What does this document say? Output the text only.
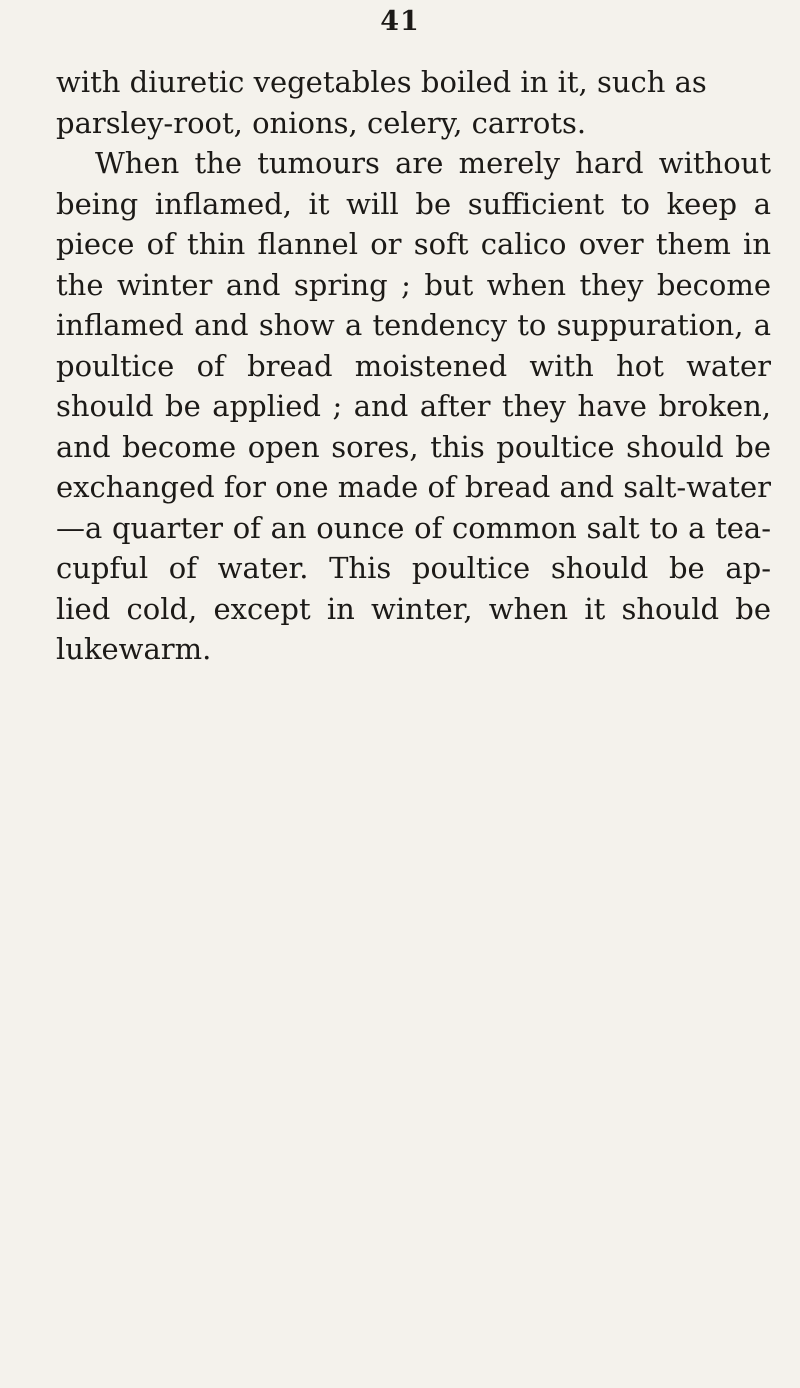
41
with diuretic vegetables boiled in it, such as
parsley-root, onions, celery, carrots.
When the tumours are merely hard without
being inflamed, it will be sufficient to keep a
piece of thin flannel or soft calico over them in
the winter and spring ; but when they become
inflamed and show a tendency to suppuration, a
poultice of bread moistened with hot water
should be applied ; and after they have broken,
and become open sores, this poultice should be
exchanged for one made of bread and salt-water
—a quarter of an ounce of common salt to a tea-
cupful of water. This poultice should be ap-
lied cold, except in winter, when it should be
lukewarm.
